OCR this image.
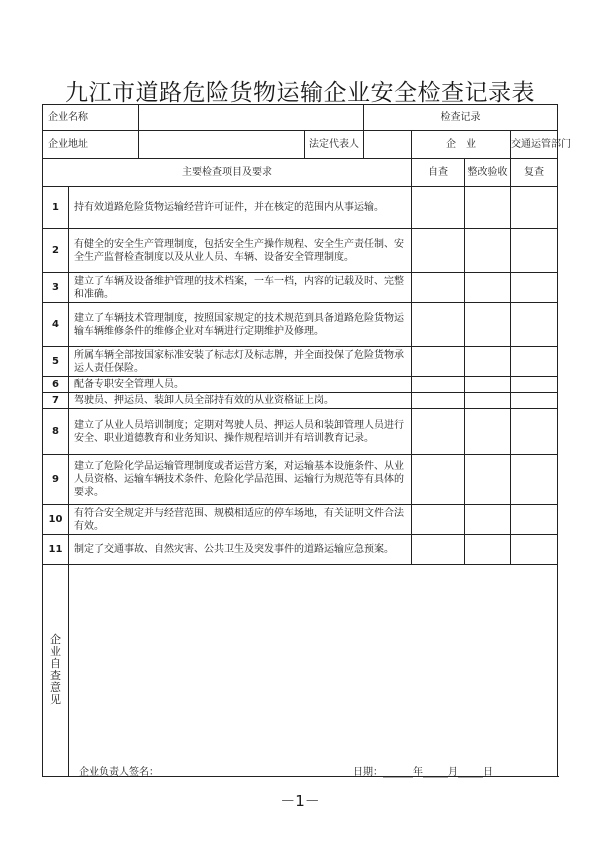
九江市道路危险货物运输企业安全检查记录表
企业名称				检查记录				
企业地址			法定代表人		企　业		交通运管部门	
主要检查项目及要求					自查	整改验收	复查	
1	持有效道路危险货物运输经营许可证件，并在核定的范围内从事运输。							
2	有健全的安全生产管理制度，包括安全生产操作规程、安全生产责任制、安全生产监督检查制度以及从业人员、车辆、设备安全管理制度。							
3	建立了车辆及设备维护管理的技术档案，一车一档，内容的记载及时、完整和准确。							
4	建立了车辆技术管理制度，按照国家规定的技术规范到具备道路危险货物运输车辆维修条件的维修企业对车辆进行定期维护及修理。							
5	所属车辆全部按国家标准安装了标志灯及标志牌，并全面投保了危险货物承运人责任保险。							
6	配备专职安全管理人员。							
7	驾驶员、押运员、装卸人员全部持有效的从业资格证上岗。							
8	建立了从业人员培训制度；定期对驾驶人员、押运人员和装卸管理人员进行安全、职业道德教育和业务知识、操作规程培训并有培训教育记录。							
9	建立了危险化学品运输管理制度或者运营方案，对运输基本设施条件、从业人员资格、运输车辆技术条件、危险化学品范围、运输行为规范等有具体的要求。							
10	有符合安全规定并与经营范围、规模相适应的停车场地，有关证明文件合法有效。							
11	制定了交通事故、自然灾害、公共卫生及突发事件的道路运输应急预案。							
企业自查意见	企业负责人签名： 日期：______年_____月_____日							
－1－
